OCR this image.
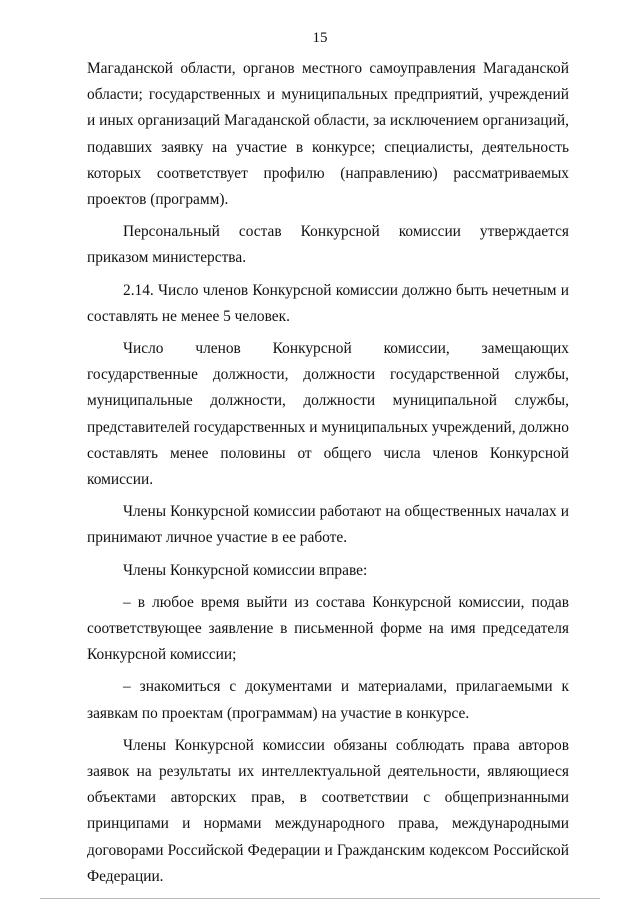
15

Магаданской области, органов местного самоуправления Магаданской области; государственных и муниципальных предприятий, учреждений и иных организаций Магаданской области, за исключением организаций, подавших заявку на участие в конкурсе; специалисты, деятельность которых соответствует профилю (направлению) рассматриваемых проектов (программ).

Персональный состав Конкурсной комиссии утверждается приказом министерства.

2.14. Число членов Конкурсной комиссии должно быть нечетным и составлять не менее 5 человек.

Число членов Конкурсной комиссии, замещающих государственные должности, должности государственной службы, муниципальные должности, должности муниципальной службы, представителей государственных и муниципальных учреждений, должно составлять менее половины от общего числа членов Конкурсной комиссии.

Члены Конкурсной комиссии работают на общественных началах и принимают личное участие в ее работе.

Члены Конкурсной комиссии вправе:

– в любое время выйти из состава Конкурсной комиссии, подав соответствующее заявление в письменной форме на имя председателя Конкурсной комиссии;

– знакомиться с документами и материалами, прилагаемыми к заявкам по проектам (программам) на участие в конкурсе.

Члены Конкурсной комиссии обязаны соблюдать права авторов заявок на результаты их интеллектуальной деятельности, являющиеся объектами авторских прав, в соответствии с общепризнанными принципами и нормами международного права, международными договорами Российской Федерации и Гражданским кодексом Российской Федерации.
